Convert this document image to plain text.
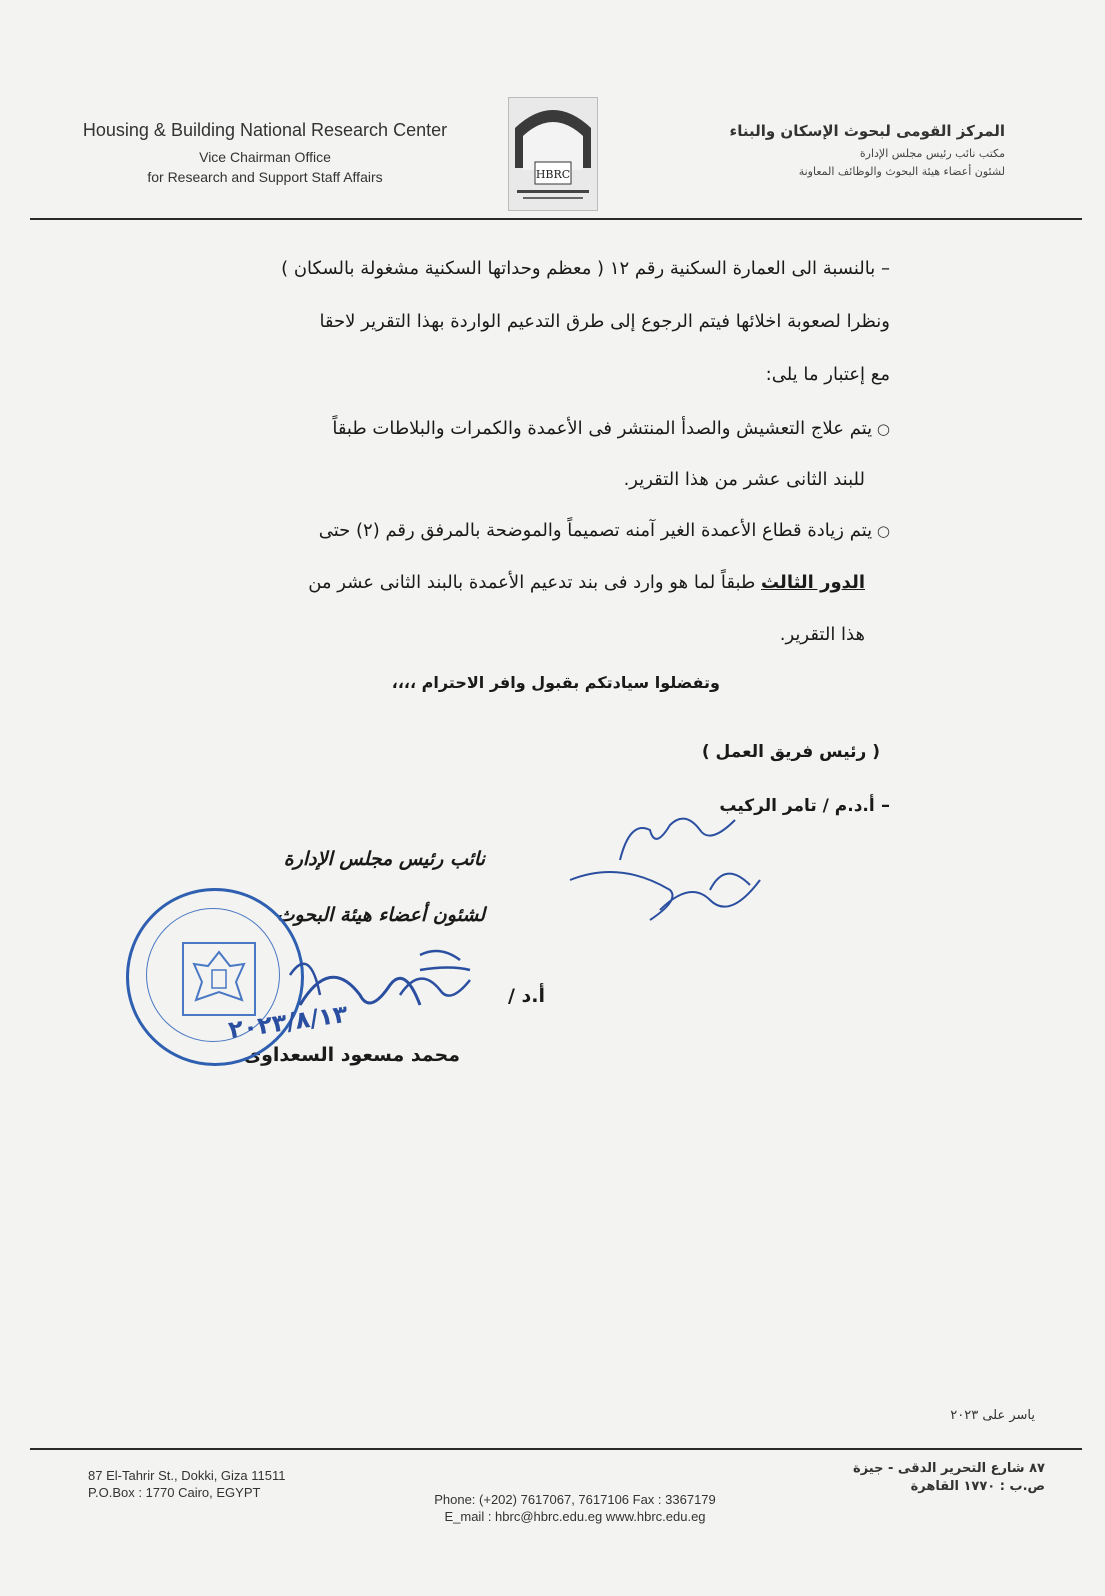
Housing & Building National Research Center
Vice Chairman Office
for Research and Support Staff Affairs	HBRC
المركز القومى لبحوث الإسكان والبناء
مكتب نائب رئيس مجلس الإدارة
لشئون أعضاء هيئة البحوث والوظائف المعاونة
– بالنسبة الى العمارة السكنية رقم ١٢ ( معظم وحداتها السكنية مشغولة بالسكان )
ونظرا لصعوبة اخلائها فيتم الرجوع إلى طرق التدعيم الواردة بهذا التقرير لاحقا
مع إعتبار ما يلى:
○ يتم علاج التعشيش والصدأ المنتشر فى الأعمدة والكمرات والبلاطات طبقاً
للبند الثانى عشر من هذا التقرير.
○ يتم زيادة قطاع الأعمدة الغير آمنه تصميماً والموضحة بالمرفق رقم (٢) حتى
الدور الثالث طبقاً لما هو وارد فى بند تدعيم الأعمدة بالبند الثانى عشر من
هذا التقرير.
وتفضلوا سيادتكم بقبول وافر الاحترام ،،،،
( رئيس فريق العمل )
– أ.د.م / تامر الركيب
نائب رئيس مجلس الإدارة
لشئون أعضاء هيئة البحوث
أ.د /
محمد مسعود السعداوى
٢٠٢٣/٨/١٣
ياسر على ٢٠٢٣
87 El-Tahrir St., Dokki, Giza 11511
P.O.Box : 1770 Cairo, EGYPT	Phone: (+202) 7617067, 7617106 Fax : 3367179
E_mail : hbrc@hbrc.edu.eg www.hbrc.edu.eg
٨٧ شارع التحرير الدقى - جيزة
ص.ب : ١٧٧٠ القاهرة
